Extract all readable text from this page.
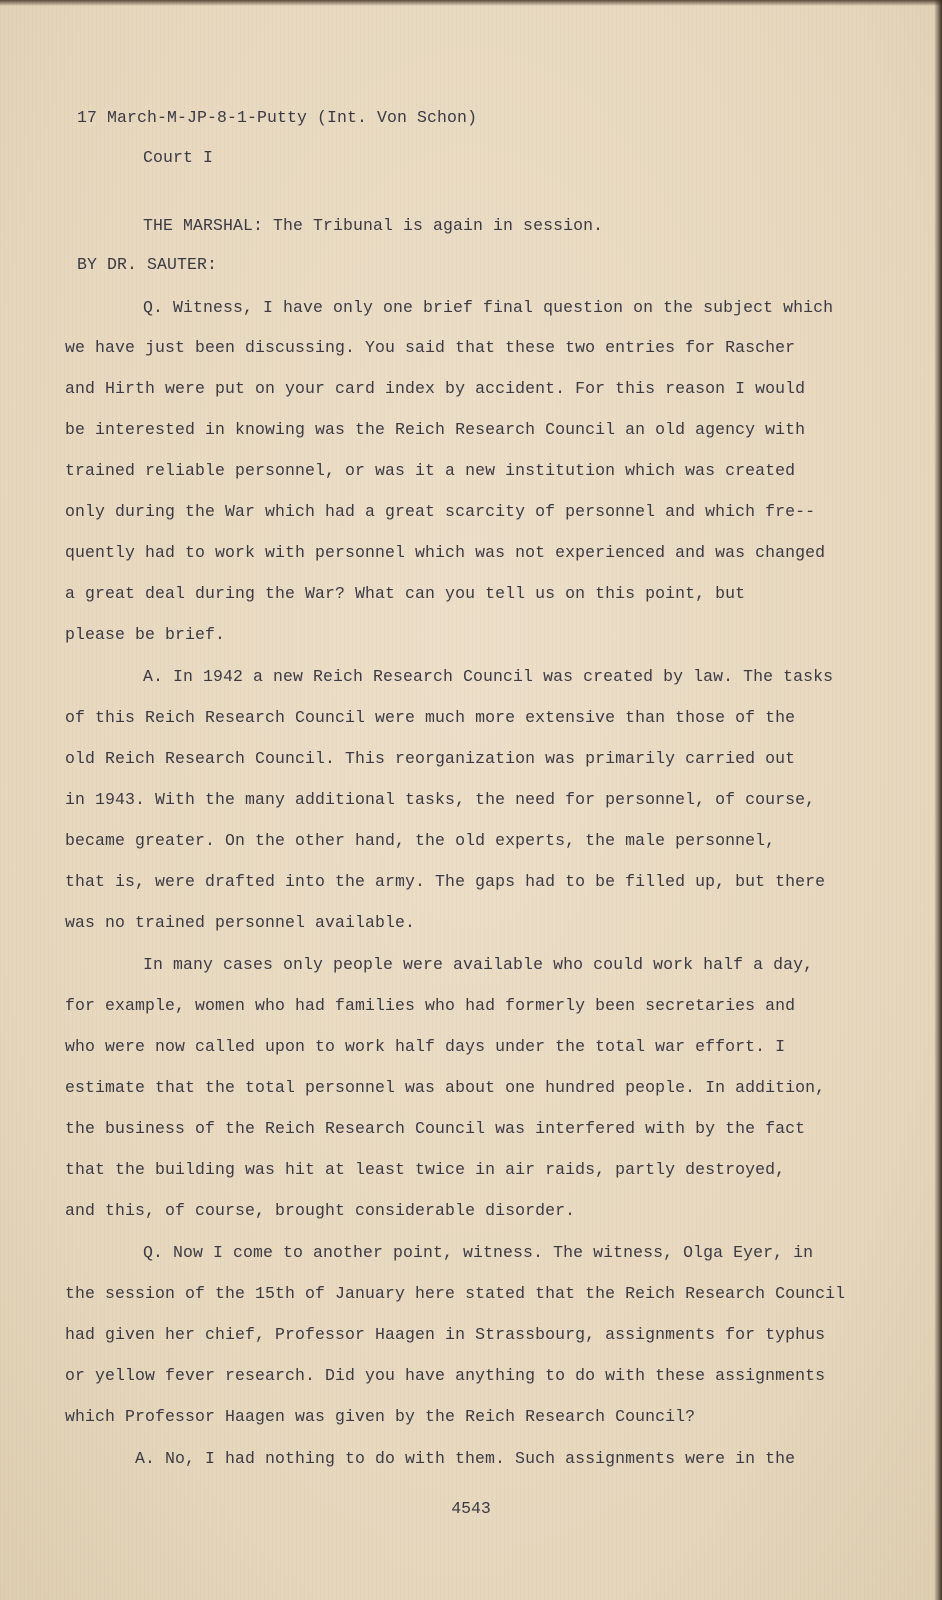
17 March-M-JP-8-1-Putty (Int. Von Schon)
Court I
THE MARSHAL: The Tribunal is again in session.
BY DR. SAUTER:
Q. Witness, I have only one brief final question on the subject which
we have just been discussing. You said that these two entries for Rascher
and Hirth were put on your card index by accident. For this reason I would
be interested in knowing was the Reich Research Council an old agency with
trained reliable personnel, or was it a new institution which was created
only during the War which had a great scarcity of personnel and which fre--
quently had to work with personnel which was not experienced and was changed
a great deal during the War? What can you tell us on this point, but
please be brief.
A. In 1942 a new Reich Research Council was created by law. The tasks
of this Reich Research Council were much more extensive than those of the
old Reich Research Council. This reorganization was primarily carried out
in 1943. With the many additional tasks, the need for personnel, of course,
became greater. On the other hand, the old experts, the male personnel,
that is, were drafted into the army. The gaps had to be filled up, but there
was no trained personnel available.
In many cases only people were available who could work half a day,
for example, women who had families who had formerly been secretaries and
who were now called upon to work half days under the total war effort. I
estimate that the total personnel was about one hundred people. In addition,
the business of the Reich Research Council was interfered with by the fact
that the building was hit at least twice in air raids, partly destroyed,
and this, of course, brought considerable disorder.
Q. Now I come to another point, witness. The witness, Olga Eyer, in
the session of the 15th of January here stated that the Reich Research Council
had given her chief, Professor Haagen in Strassbourg, assignments for typhus
or yellow fever research. Did you have anything to do with these assignments
which Professor Haagen was given by the Reich Research Council?
A. No, I had nothing to do with them. Such assignments were in the
4543
